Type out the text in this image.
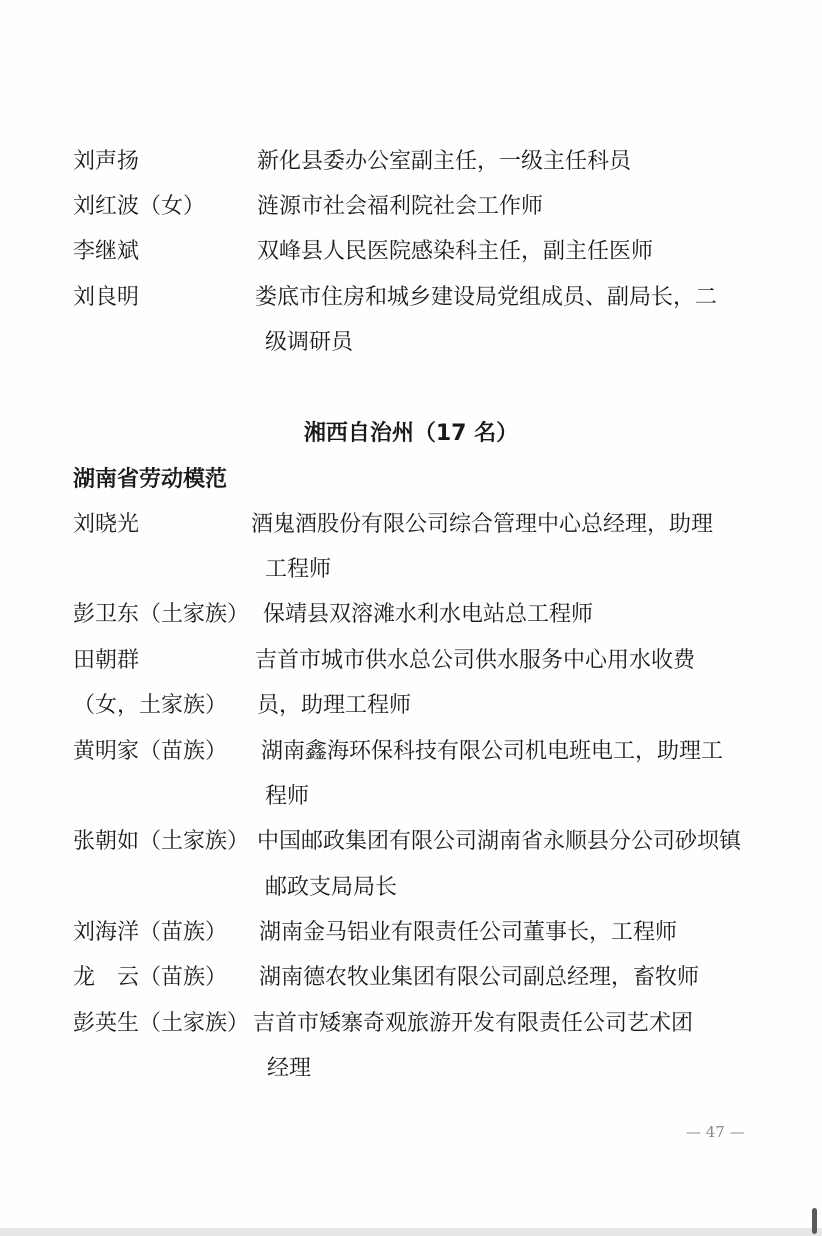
刘声扬	新化县委办公室副主任，一级主任科员
刘红波（女） 涟源市社会福利院社会工作师
李继斌	双峰县人民医院感染科主任，副主任医师
刘良明	娄底市住房和城乡建设局党组成员、副局长，二
级调研员
湘西自治州（17 名）
湖南省劳动模范
刘晓光	酒鬼酒股份有限公司综合管理中心总经理，助理
工程师
彭卫东（土家族） 保靖县双溶滩水利水电站总工程师
田朝群	吉首市城市供水总公司供水服务中心用水收费
（女，土家族） 员，助理工程师
黄明家（苗族） 湖南鑫海环保科技有限公司机电班电工，助理工
程师
张朝如（土家族） 中国邮政集团有限公司湖南省永顺县分公司砂坝镇
邮政支局局长
刘海洋（苗族） 湖南金马铝业有限责任公司董事长，工程师
龙　云（苗族） 湖南德农牧业集团有限公司副总经理，畜牧师
彭英生（土家族） 吉首市矮寨奇观旅游开发有限责任公司艺术团
经理
— 47 —
